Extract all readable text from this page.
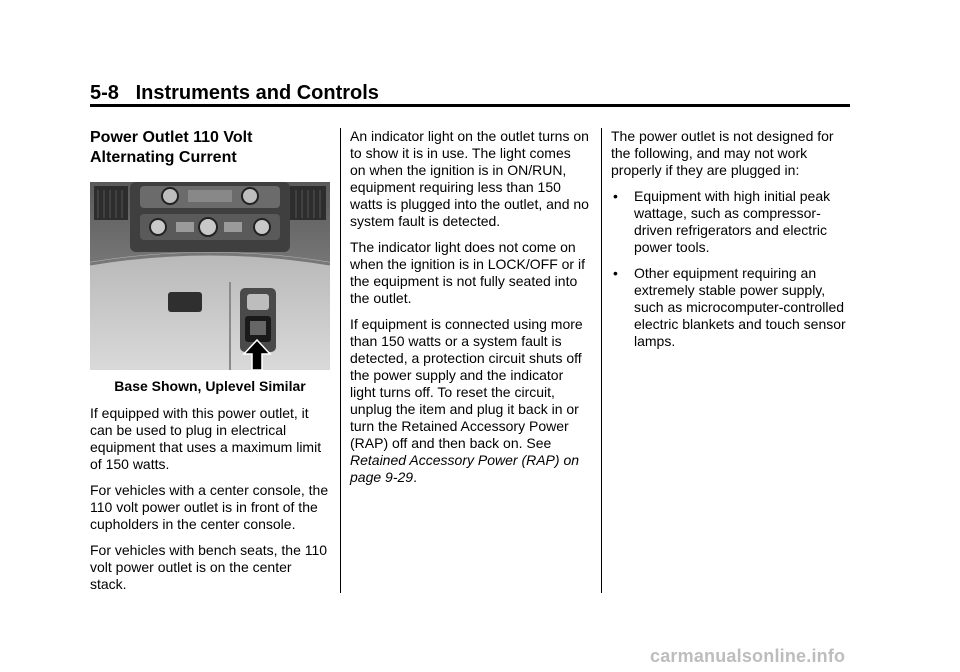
5-8 Instruments and Controls
Power Outlet 110 Volt
Alternating Current
Base Shown, Uplevel Similar

If equipped with this power outlet, it can be used to plug in electrical equipment that uses a maximum limit of 150 watts.

For vehicles with a center console, the 110 volt power outlet is in front of the cupholders in the center console.

For vehicles with bench seats, the 110 volt power outlet is on the center stack.

An indicator light on the outlet turns on to show it is in use. The light comes on when the ignition is in ON/RUN, equipment requiring less than 150 watts is plugged into the outlet, and no system fault is detected.

The indicator light does not come on when the ignition is in LOCK/OFF or if the equipment is not fully seated into the outlet.

If equipment is connected using more than 150 watts or a system fault is detected, a protection circuit shuts off the power supply and the indicator light turns off. To reset the circuit, unplug the item and plug it back in or turn the Retained Accessory Power (RAP) off and then back on. See Retained Accessory Power (RAP) on page 9-29.

The power outlet is not designed for the following, and may not work properly if they are plugged in:

• Equipment with high initial peak wattage, such as compressor-driven refrigerators and electric power tools.
• Other equipment requiring an extremely stable power supply, such as microcomputer-controlled electric blankets and touch sensor lamps.
carmanualsonline.info
